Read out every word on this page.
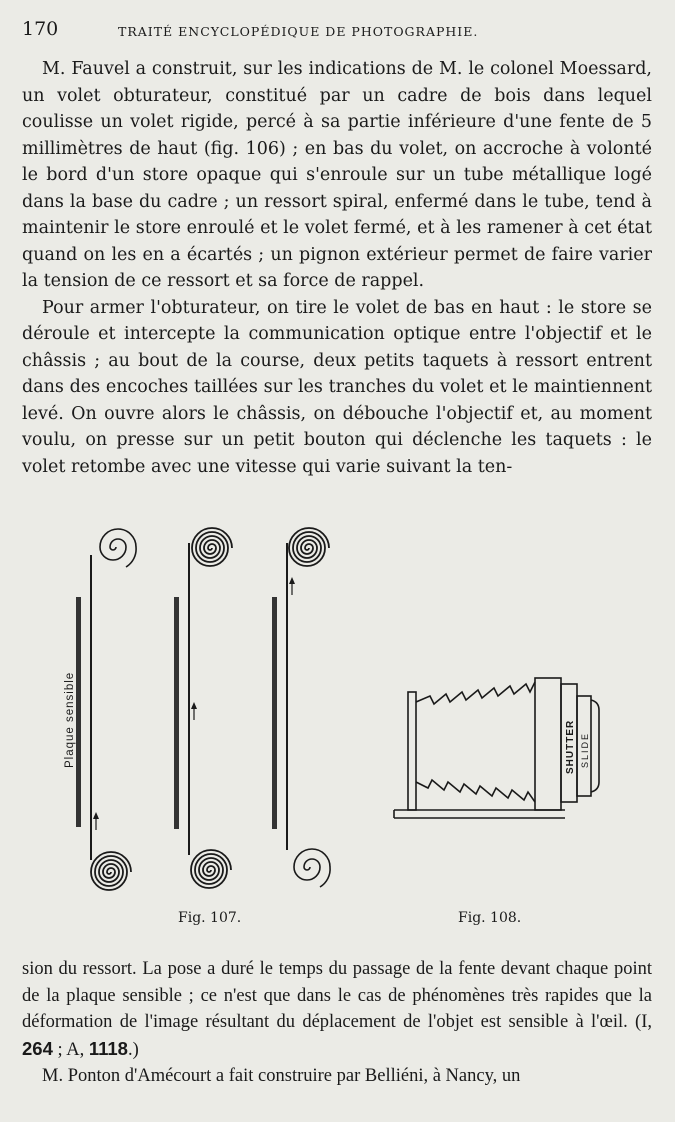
170	TRAITÉ ENCYCLOPÉDIQUE DE PHOTOGRAPHIE.

M. Fauvel a construit, sur les indications de M. le colonel Moessard, un volet obturateur, constitué par un cadre de bois dans lequel coulisse un volet rigide, percé à sa partie inférieure d'une fente de 5 millimètres de haut (fig. 106) ; en bas du volet, on accroche à volonté le bord d'un store opaque qui s'enroule sur un tube métallique logé dans la base du cadre ; un ressort spiral, enfermé dans le tube, tend à maintenir le store enroulé et le volet fermé, et à les ramener à cet état quand on les en a écartés ; un pignon extérieur permet de faire varier la tension de ce ressort et sa force de rappel.

Pour armer l'obturateur, on tire le volet de bas en haut : le store se déroule et intercepte la communication optique entre l'objectif et le châssis ; au bout de la course, deux petits taquets à ressort entrent dans des encoches taillées sur les tranches du volet et le maintiennent levé. On ouvre alors le châssis, on débouche l'objectif et, au moment voulu, on presse sur un petit bouton qui déclenche les taquets : le volet retombe avec une vitesse qui varie suivant la ten-

Plaque sensible	SHUTTER SLIDE
Fig. 107.	Fig. 108.

sion du ressort. La pose a duré le temps du passage de la fente devant chaque point de la plaque sensible ; ce n'est que dans le cas de phénomènes très rapides que la déformation de l'image résultant du déplacement de l'objet est sensible à l'œil. (I, 264 ; A, 1118.)

M. Ponton d'Amécourt a fait construire par Belliéni, à Nancy, un
